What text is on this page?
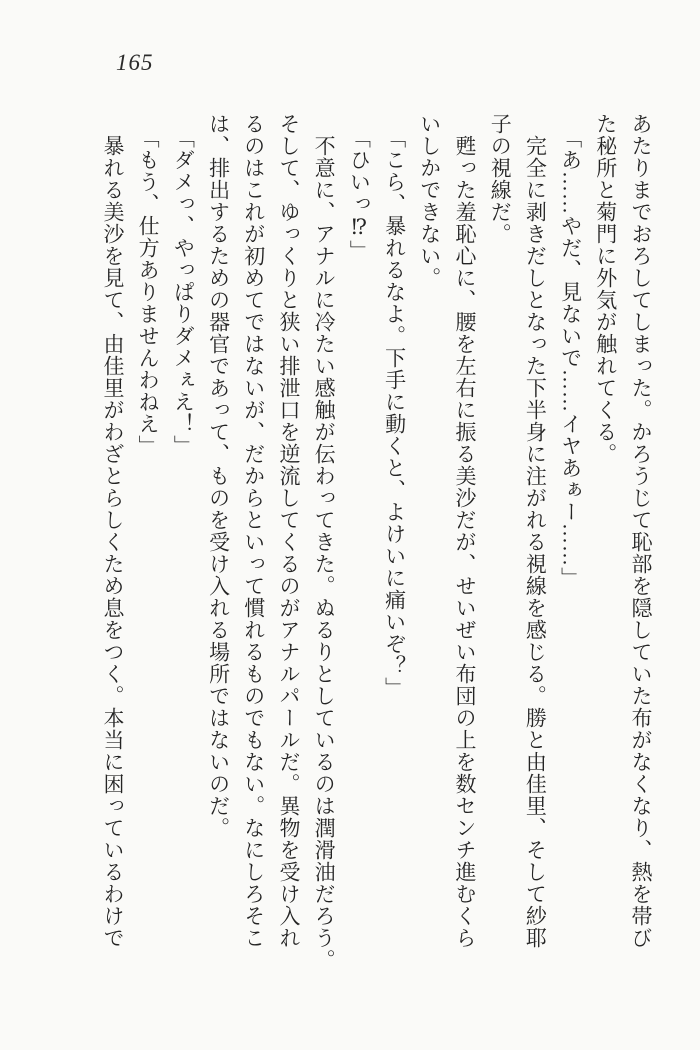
165

あたりまでおろしてしまった。かろうじて恥部を隠していた布がなくなり、熱を帯び

た秘所と菊門に外気が触れてくる。

「あ……やだ、見ないで……イヤあぁー……」

完全に剥きだしとなった下半身に注がれる視線を感じる。勝と由佳里、そして紗耶

子の視線だ。

甦った羞恥心に、腰を左右に振る美沙だが、せいぜい布団の上を数センチ進むくら

いしかできない。

「こら、暴れるなよ。下手に動くと、よけいに痛いぞ？」

「ひいっ⁉」

不意に、アナルに冷たい感触が伝わってきた。ぬるりとしているのは潤滑油だろう。

そして、ゆっくりと狭い排泄口を逆流してくるのがアナルパールだ。異物を受け入れ

るのはこれが初めてではないが、だからといって慣れるものでもない。なにしろそこ

は、排出するための器官であって、ものを受け入れる場所ではないのだ。

「ダメっ、やっぱりダメぇえ！」

「もう、仕方ありませんわねえ」

暴れる美沙を見て、由佳里がわざとらしくため息をつく。本当に困っているわけで
